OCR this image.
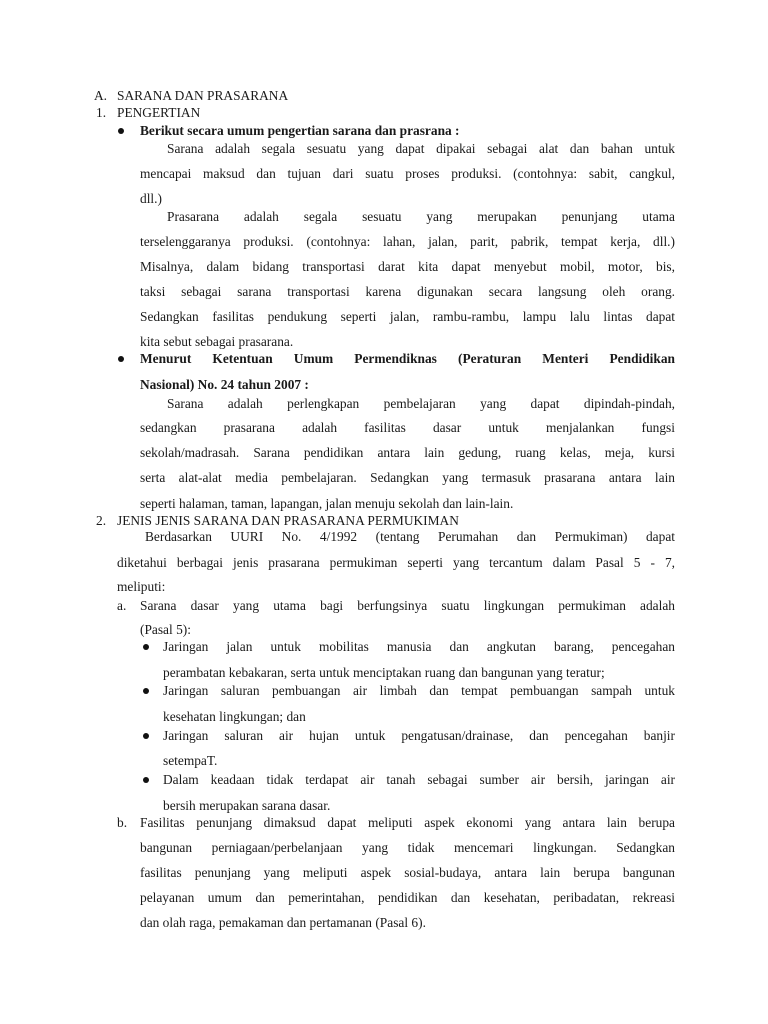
A. SARANA DAN PRASARANA
1. PENGERTIAN
Berikut secara umum pengertian sarana dan prasrana :
Sarana adalah segala sesuatu yang dapat dipakai sebagai alat dan bahan untuk
mencapai maksud dan tujuan dari suatu proses produksi. (contohnya: sabit, cangkul,
dll.)
Prasarana adalah segala sesuatu yang merupakan penunjang utama
terselenggaranya produksi. (contohnya: lahan, jalan, parit, pabrik, tempat kerja, dll.)
Misalnya, dalam bidang transportasi darat kita dapat menyebut mobil, motor, bis,
taksi sebagai sarana transportasi karena digunakan secara langsung oleh orang.
Sedangkan fasilitas pendukung seperti jalan, rambu-rambu, lampu lalu lintas dapat
kita sebut sebagai prasarana.
Menurut Ketentuan Umum Permendiknas (Peraturan Menteri Pendidikan
Nasional) No. 24 tahun 2007 :
Sarana adalah perlengkapan pembelajaran yang dapat dipindah-pindah,
sedangkan prasarana adalah fasilitas dasar untuk menjalankan fungsi
sekolah/madrasah. Sarana pendidikan antara lain gedung, ruang kelas, meja, kursi
serta alat-alat media pembelajaran. Sedangkan yang termasuk prasarana antara lain
seperti halaman, taman, lapangan, jalan menuju sekolah dan lain-lain.
2. JENIS JENIS SARANA DAN PRASARANA PERMUKIMAN
Berdasarkan UURI No. 4/1992 (tentang Perumahan dan Permukiman) dapat
diketahui berbagai jenis prasarana permukiman seperti yang tercantum dalam Pasal 5 - 7,
meliputi:
a. Sarana dasar yang utama bagi berfungsinya suatu lingkungan permukiman adalah
(Pasal 5):
Jaringan jalan untuk mobilitas manusia dan angkutan barang, pencegahan
perambatan kebakaran, serta untuk menciptakan ruang dan bangunan yang teratur;
Jaringan saluran pembuangan air limbah dan tempat pembuangan sampah untuk
kesehatan lingkungan; dan
Jaringan saluran air hujan untuk pengatusan/drainase, dan pencegahan banjir
setempaT.
Dalam keadaan tidak terdapat air tanah sebagai sumber air bersih, jaringan air
bersih merupakan sarana dasar.
b. Fasilitas penunjang dimaksud dapat meliputi aspek ekonomi yang antara lain berupa
bangunan perniagaan/perbelanjaan yang tidak mencemari lingkungan. Sedangkan
fasilitas penunjang yang meliputi aspek sosial-budaya, antara lain berupa bangunan
pelayanan umum dan pemerintahan, pendidikan dan kesehatan, peribadatan, rekreasi
dan olah raga, pemakaman dan pertamanan (Pasal 6).
